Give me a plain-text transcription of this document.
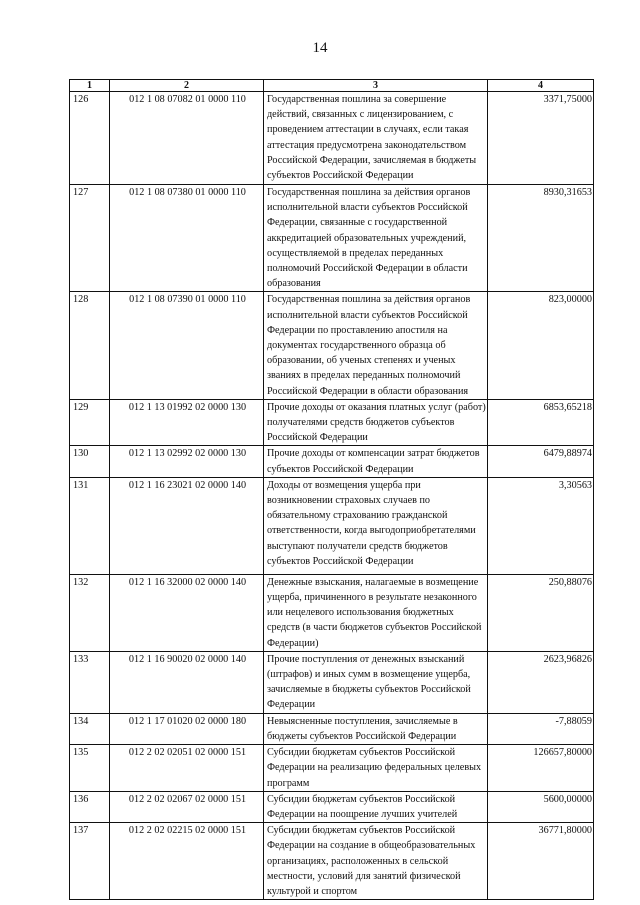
14
1	2	3	4
126	012 1 08 07082 01 0000 110	Государственная пошлина за совершение действий, связанных с лицензированием, с проведением аттестации в случаях, если такая аттестация предусмотрена законодательством Российской Федерации, зачисляемая в бюджеты субъектов Российской Федерации	3371,75000
127	012 1 08 07380 01 0000 110	Государственная пошлина за действия органов исполнительной власти субъектов Российской Федерации, связанные с государственной аккредитацией образовательных учреждений, осуществляемой в пределах переданных полномочий Российской Федерации в области образования	8930,31653
128	012 1 08 07390 01 0000 110	Государственная пошлина за действия органов исполнительной власти субъектов Российской Федерации по проставлению апостиля на документах государственного образца об образовании, об ученых степенях и ученых званиях в пределах переданных полномочий Российской Федерации в области образования	823,00000
129	012 1 13 01992 02 0000 130	Прочие доходы от оказания платных услуг (работ) получателями средств бюджетов субъектов Российской Федерации	6853,65218
130	012 1 13 02992 02 0000 130	Прочие доходы от компенсации затрат бюджетов субъектов Российской Федерации	6479,88974
131	012 1 16 23021 02 0000 140	Доходы от возмещения ущерба при возникновении страховых случаев по обязательному страхованию гражданской ответственности, когда выгодоприобретателями выступают получатели средств бюджетов субъектов Российской Федерации	3,30563
132	012 1 16 32000 02 0000 140	Денежные взыскания, налагаемые в возмещение ущерба, причиненного в результате незаконного или нецелевого использования бюджетных средств (в части бюджетов субъектов Российской Федерации)	250,88076
133	012 1 16 90020 02 0000 140	Прочие поступления от денежных взысканий (штрафов) и иных сумм в возмещение ущерба, зачисляемые в бюджеты субъектов Российской Федерации	2623,96826
134	012 1 17 01020 02 0000 180	Невыясненные поступления, зачисляемые в бюджеты субъектов Российской Федерации	-7,88059
135	012 2 02 02051 02 0000 151	Субсидии бюджетам субъектов Российской Федерации на реализацию федеральных целевых программ	126657,80000
136	012 2 02 02067 02 0000 151	Субсидии бюджетам субъектов Российской Федерации на поощрение лучших учителей	5600,00000
137	012 2 02 02215 02 0000 151	Субсидии бюджетам субъектов Российской Федерации на создание в общеобразовательных организациях, расположенных в сельской местности, условий для занятий физической культурой и спортом	36771,80000
